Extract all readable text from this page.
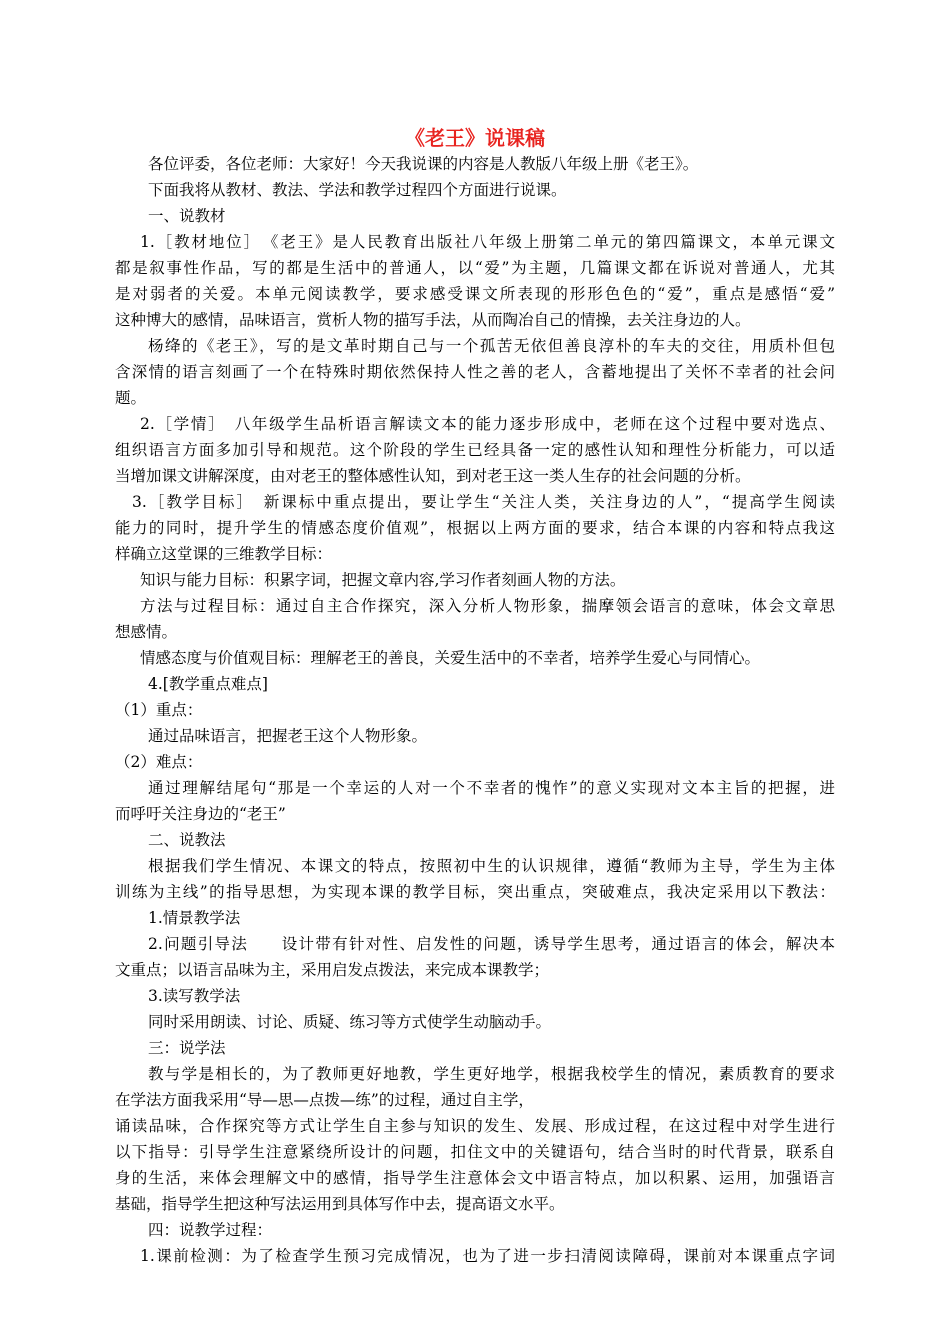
《老王》说课稿
各位评委，各位老师：大家好！今天我说课的内容是人教版八年级上册《老王》。
下面我将从教材、教法、学法和教学过程四个方面进行说课。
一、说教材
1.［教材地位］　《老王》是人民教育出版社八年级上册第二单元的第四篇课文，本单元课文
都是叙事性作品，写的都是生活中的普通人，以“爱”为主题，几篇课文都在诉说对普通人，尤其
是对弱者的关爱。本单元阅读教学，要求感受课文所表现的形形色色的“爱”，重点是感悟“爱”
这种博大的感情，品味语言，赏析人物的描写手法，从而陶冶自己的情操，去关注身边的人。
杨绛的《老王》，写的是文革时期自己与一个孤苦无依但善良淳朴的车夫的交往，用质朴但包
含深情的语言刻画了一个在特殊时期依然保持人性之善的老人，含蓄地提出了关怀不幸者的社会问
题。
2.［学情］　八年级学生品析语言解读文本的能力逐步形成中，老师在这个过程中要对选点、
组织语言方面多加引导和规范。这个阶段的学生已经具备一定的感性认知和理性分析能力，可以适
当增加课文讲解深度，由对老王的整体感性认知，到对老王这一类人生存的社会问题的分析。
3.［教学目标］　新课标中重点提出，要让学生“关注人类，关注身边的人”，“提高学生阅读
能力的同时，提升学生的情感态度价值观”，根据以上两方面的要求，结合本课的内容和特点我这
样确立这堂课的三维教学目标：
知识与能力目标：积累字词，把握文章内容,学习作者刻画人物的方法。
方法与过程目标：通过自主合作探究，深入分析人物形象，揣摩领会语言的意味，体会文章思
想感情。
情感态度与价值观目标：理解老王的善良，关爱生活中的不幸者，培养学生爱心与同情心。
4.[教学重点难点]
（1）重点：
通过品味语言，把握老王这个人物形象。
（2）难点：
通过理解结尾句“那是一个幸运的人对一个不幸者的愧怍”的意义实现对文本主旨的把握，进
而呼吁关注身边的“老王”
二、说教法
根据我们学生情况、本课文的特点，按照初中生的认识规律，遵循“教师为主导，学生为主体
训练为主线”的指导思想，为实现本课的教学目标，突出重点，突破难点，我决定采用以下教法：
1.情景教学法
2.问题引导法　　设计带有针对性、启发性的问题，诱导学生思考，通过语言的体会，解决本
文重点；以语言品味为主，采用启发点拨法，来完成本课教学；
3.读写教学法
同时采用朗读、讨论、质疑、练习等方式使学生动脑动手。
三：说学法
教与学是相长的，为了教师更好地教，学生更好地学，根据我校学生的情况，素质教育的要求
在学法方面我采用“导—思—点拨—练”的过程，通过自主学，
诵读品味，合作探究等方式让学生自主参与知识的发生、发展、形成过程，在这过程中对学生进行
以下指导：引导学生注意紧绕所设计的问题，扣住文中的关键语句，结合当时的时代背景，联系自
身的生活，来体会理解文中的感情，指导学生注意体会文中语言特点，加以积累、运用，加强语言
基础，指导学生把这种写法运用到具体写作中去，提高语文水平。
四：说教学过程：
1.课前检测：为了检查学生预习完成情况，也为了进一步扫清阅读障碍，课前对本课重点字词
